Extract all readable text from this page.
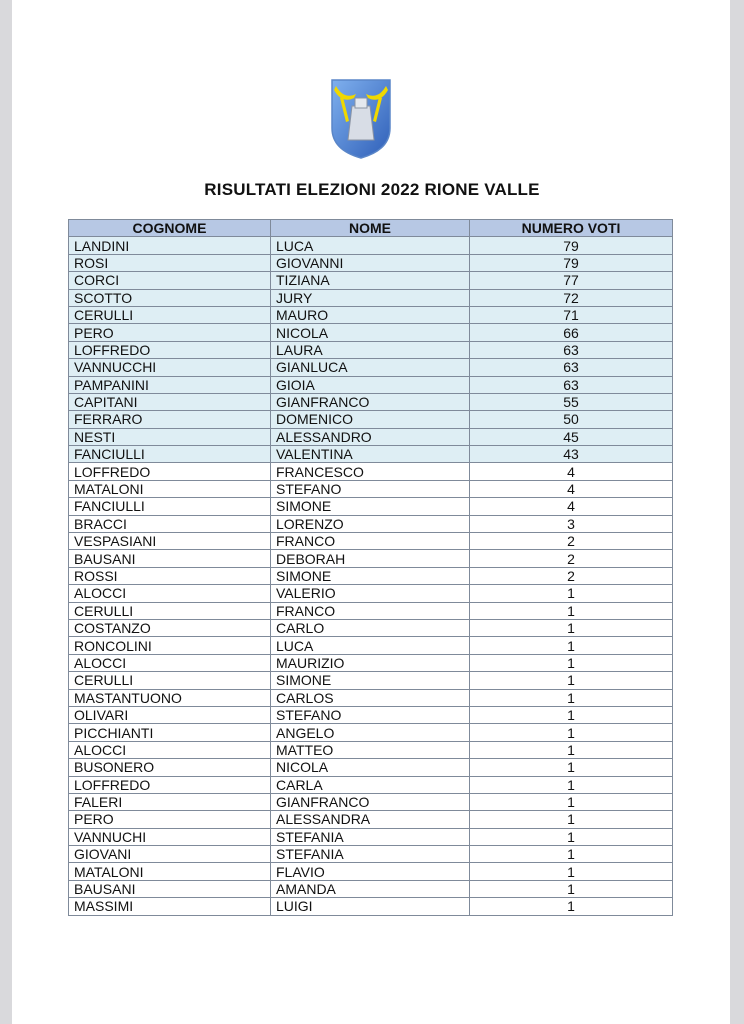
RISULTATI ELEZIONI 2022 RIONE VALLE
COGNOME	NOME	NUMERO VOTI
LANDINI	LUCA	79
ROSI	GIOVANNI	79
CORCI	TIZIANA	77
SCOTTO	JURY	72
CERULLI	MAURO	71
PERO	NICOLA	66
LOFFREDO	LAURA	63
VANNUCCHI	GIANLUCA	63
PAMPANINI	GIOIA	63
CAPITANI	GIANFRANCO	55
FERRARO	DOMENICO	50
NESTI	ALESSANDRO	45
FANCIULLI	VALENTINA	43
LOFFREDO	FRANCESCO	4
MATALONI	STEFANO	4
FANCIULLI	SIMONE	4
BRACCI	LORENZO	3
VESPASIANI	FRANCO	2
BAUSANI	DEBORAH	2
ROSSI	SIMONE	2
ALOCCI	VALERIO	1
CERULLI	FRANCO	1
COSTANZO	CARLO	1
RONCOLINI	LUCA	1
ALOCCI	MAURIZIO	1
CERULLI	SIMONE	1
MASTANTUONO	CARLOS	1
OLIVARI	STEFANO	1
PICCHIANTI	ANGELO	1
ALOCCI	MATTEO	1
BUSONERO	NICOLA	1
LOFFREDO	CARLA	1
FALERI	GIANFRANCO	1
PERO	ALESSANDRA	1
VANNUCHI	STEFANIA	1
GIOVANI	STEFANIA	1
MATALONI	FLAVIO	1
BAUSANI	AMANDA	1
MASSIMI	LUIGI	1
